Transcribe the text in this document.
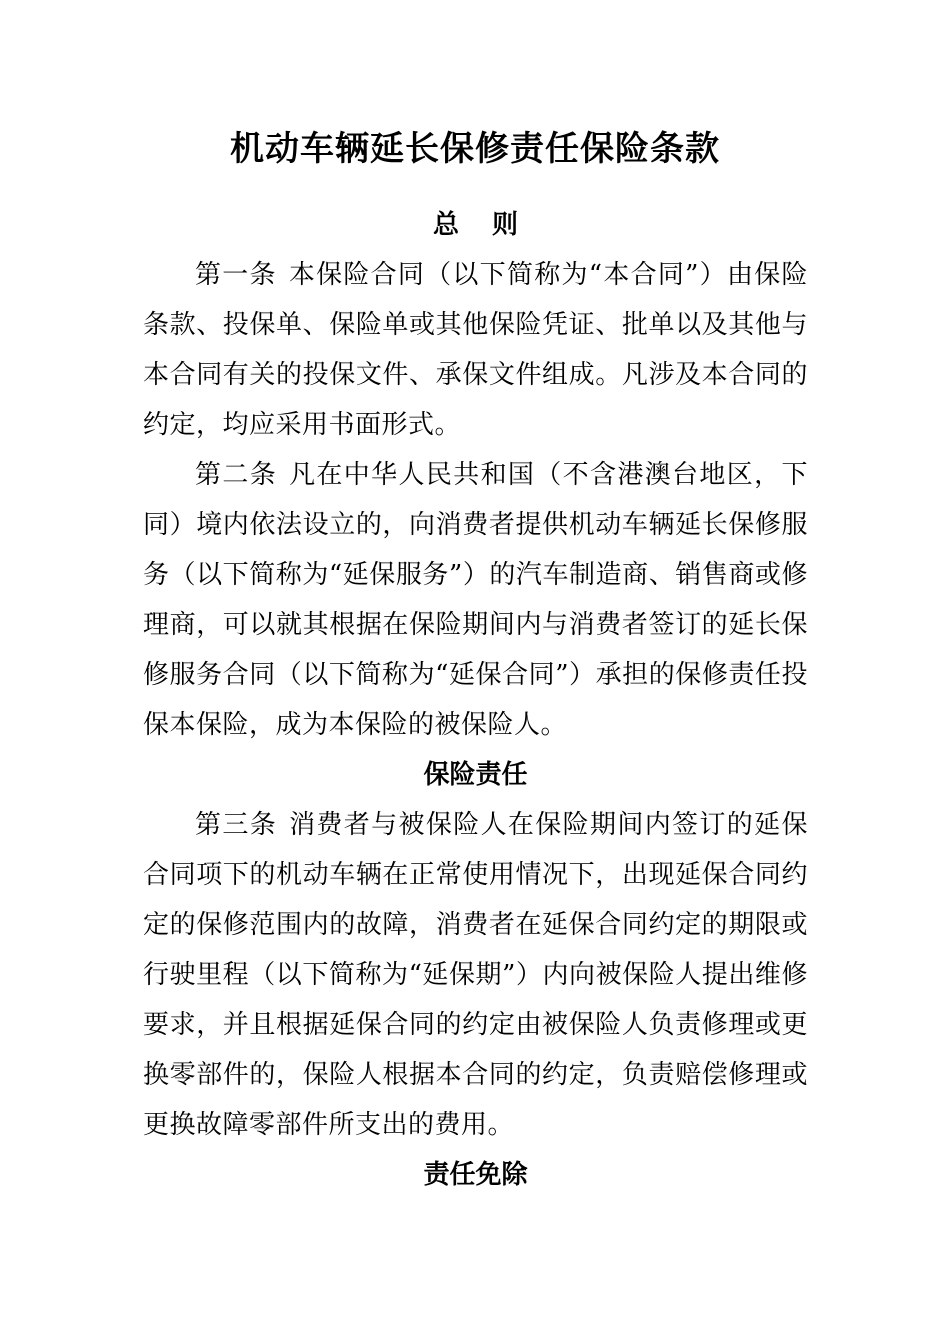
机动车辆延长保修责任保险条款
总 则

第一条 本保险合同（以下简称为“本合同”）由保险条款、投保单、保险单或其他保险凭证、批单以及其他与本合同有关的投保文件、承保文件组成。凡涉及本合同的约定，均应采用书面形式。

第二条 凡在中华人民共和国（不含港澳台地区，下同）境内依法设立的，向消费者提供机动车辆延长保修服务（以下简称为“延保服务”）的汽车制造商、销售商或修理商，可以就其根据在保险期间内与消费者签订的延长保修服务合同（以下简称为“延保合同”）承担的保修责任投保本保险，成为本保险的被保险人。

保险责任

第三条 消费者与被保险人在保险期间内签订的延保合同项下的机动车辆在正常使用情况下，出现延保合同约定的保修范围内的故障，消费者在延保合同约定的期限或行驶里程（以下简称为“延保期”）内向被保险人提出维修要求，并且根据延保合同的约定由被保险人负责修理或更换零部件的，保险人根据本合同的约定，负责赔偿修理或更换故障零部件所支出的费用。

责任免除
